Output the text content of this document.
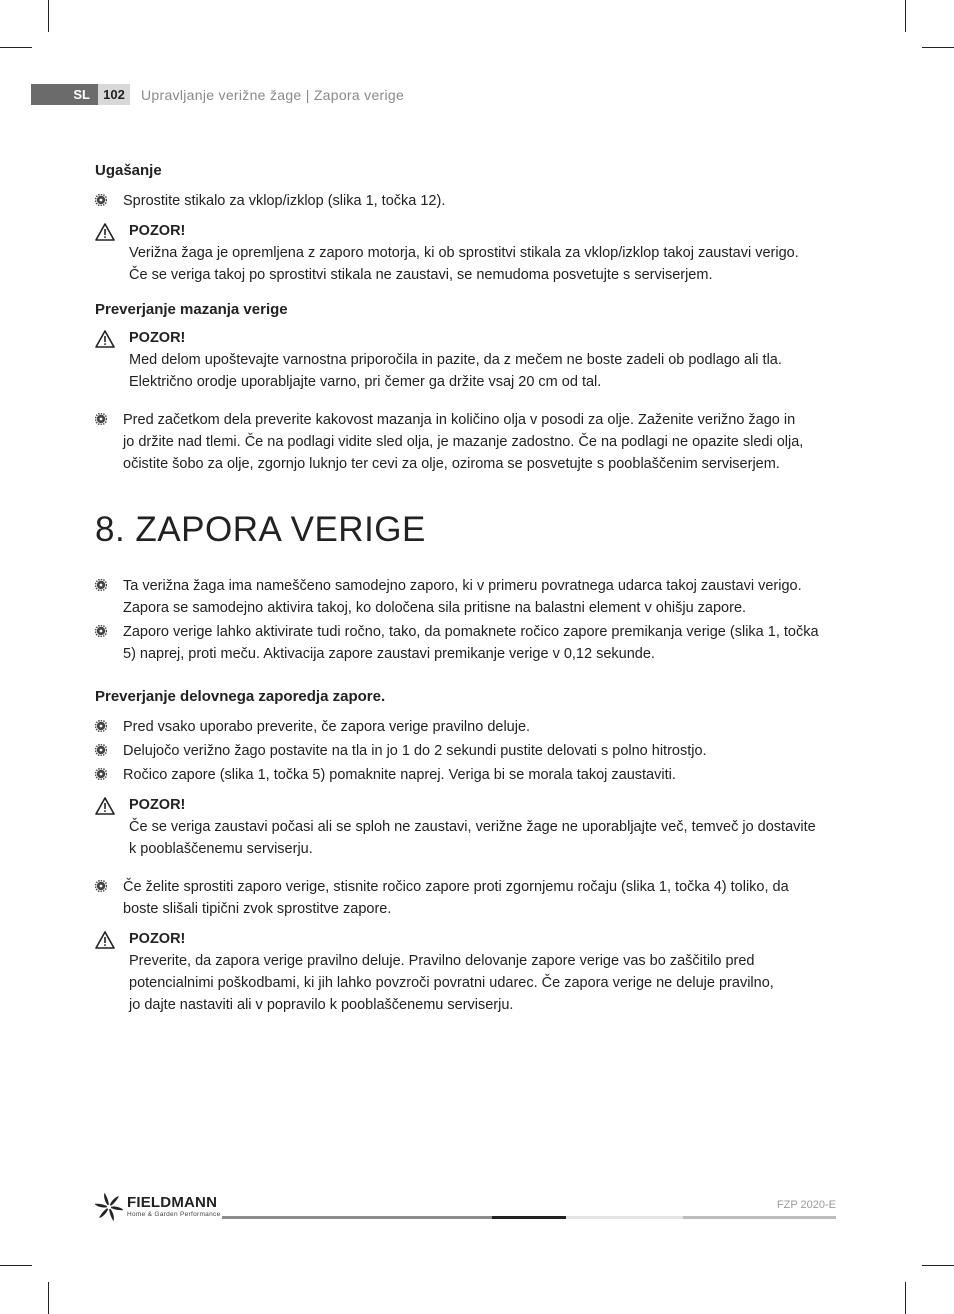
SL	102	Upravljanje verižne žage | Zapora verige

Ugašanje

Sprostite stikalo za vklop/izklop (slika 1, točka 12).
POZOR!
Verižna žaga je opremljena z zaporo motorja, ki ob sprostitvi stikala za vklop/izklop takoj zaustavi verigo.
Če se veriga takoj po sprostitvi stikala ne zaustavi, se nemudoma posvetujte s serviserjem.

Preverjanje mazanja verige

POZOR!
Med delom upoštevajte varnostna priporočila in pazite, da z mečem ne boste zadeli ob podlago ali tla.
Električno orodje uporabljajte varno, pri čemer ga držite vsaj 20 cm od tal.
Pred začetkom dela preverite kakovost mazanja in količino olja v posodi za olje. Zaženite verižno žago in
jo držite nad tlemi. Če na podlagi vidite sled olja, je mazanje zadostno. Če na podlagi ne opazite sledi olja,
očistite šobo za olje, zgornjo luknjo ter cevi za olje, oziroma se posvetujte s pooblaščenim serviserjem.
8. ZAPORA VERIGE
Ta verižna žaga ima nameščeno samodejno zaporo, ki v primeru povratnega udarca takoj zaustavi verigo.
Zapora se samodejno aktivira takoj, ko določena sila pritisne na balastni element v ohišju zapore.
Zaporo verige lahko aktivirate tudi ročno, tako, da pomaknete ročico zapore premikanja verige (slika 1, točka
5) naprej, proti meču. Aktivacija zapore zaustavi premikanje verige v 0,12 sekunde.

Preverjanje delovnega zaporedja zapore.

Pred vsako uporabo preverite, če zapora verige pravilno deluje.
Delujočo verižno žago postavite na tla in jo 1 do 2 sekundi pustite delovati s polno hitrostjo.
Ročico zapore (slika 1, točka 5) pomaknite naprej. Veriga bi se morala takoj zaustaviti.
POZOR!
Če se veriga zaustavi počasi ali se sploh ne zaustavi, verižne žage ne uporabljajte več, temveč jo dostavite
k pooblaščenemu serviserju.
Če želite sprostiti zaporo verige, stisnite ročico zapore proti zgornjemu ročaju (slika 1, točka 4) toliko, da
boste slišali tipični zvok sprostitve zapore.
POZOR!
Preverite, da zapora verige pravilno deluje. Pravilno delovanje zapore verige vas bo zaščitilo pred
potencialnimi poškodbami, ki jih lahko povzroči povratni udarec. Če zapora verige ne deluje pravilno,
jo dajte nastaviti ali v popravilo k pooblaščenemu serviserju.
FIELDMANN
Home & Garden Performance
FZP 2020-E
